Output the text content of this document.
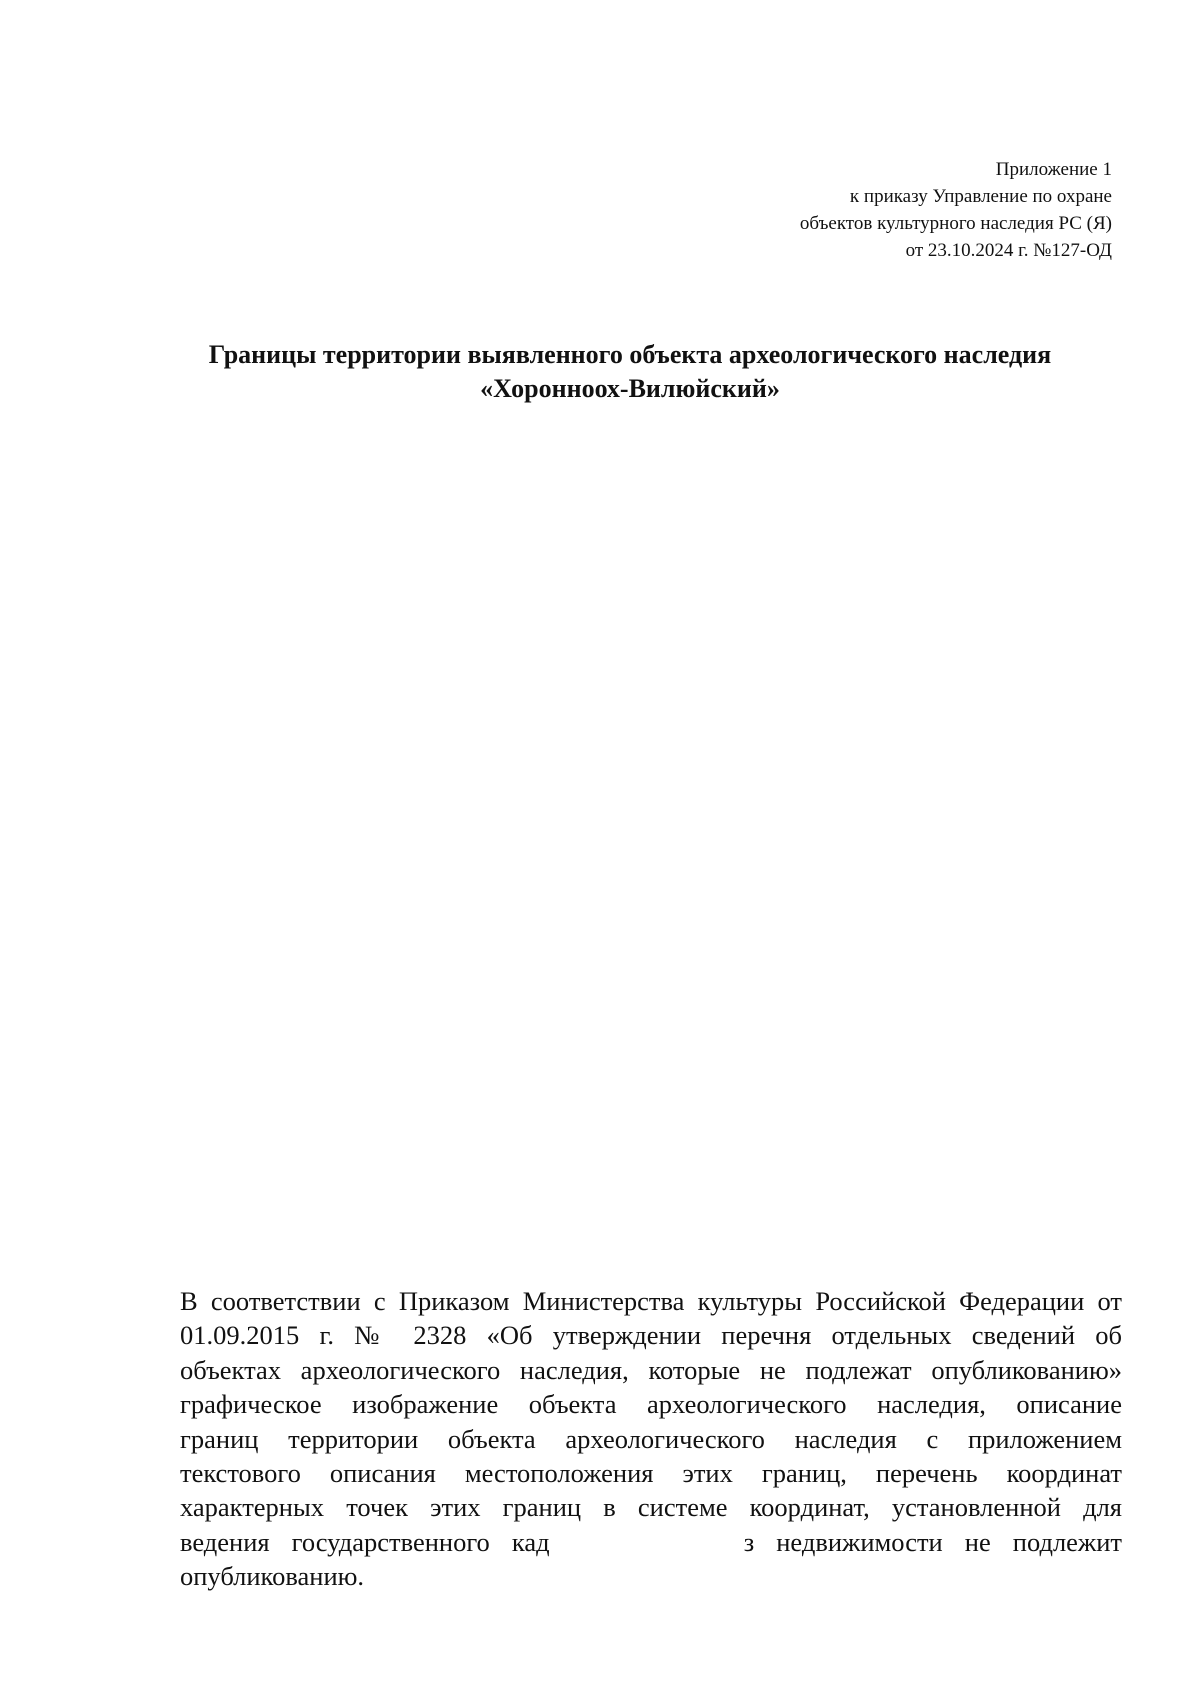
Приложение 1
к приказу Управление по охране
объектов культурного наследия РС (Я)
от 23.10.2024 г. №127-ОД
Границы территории выявленного объекта археологического наследия
«Хоронноох-Вилюйский»
В соответствии с Приказом Министерства культуры Российской Федерации от
01.09.2015 г. № 2328 «Об утверждении перечня отдельных сведений об
объектах археологического наследия, которые не подлежат опубликованию»
графическое изображение объекта археологического наследия, описание
границ территории объекта археологического наследия с приложением
текстового описания местоположения этих границ, перечень координат
характерных точек этих границ в системе координат, установленной для
ведения государственного кад	з недвижимости не подлежит
опубликованию.
